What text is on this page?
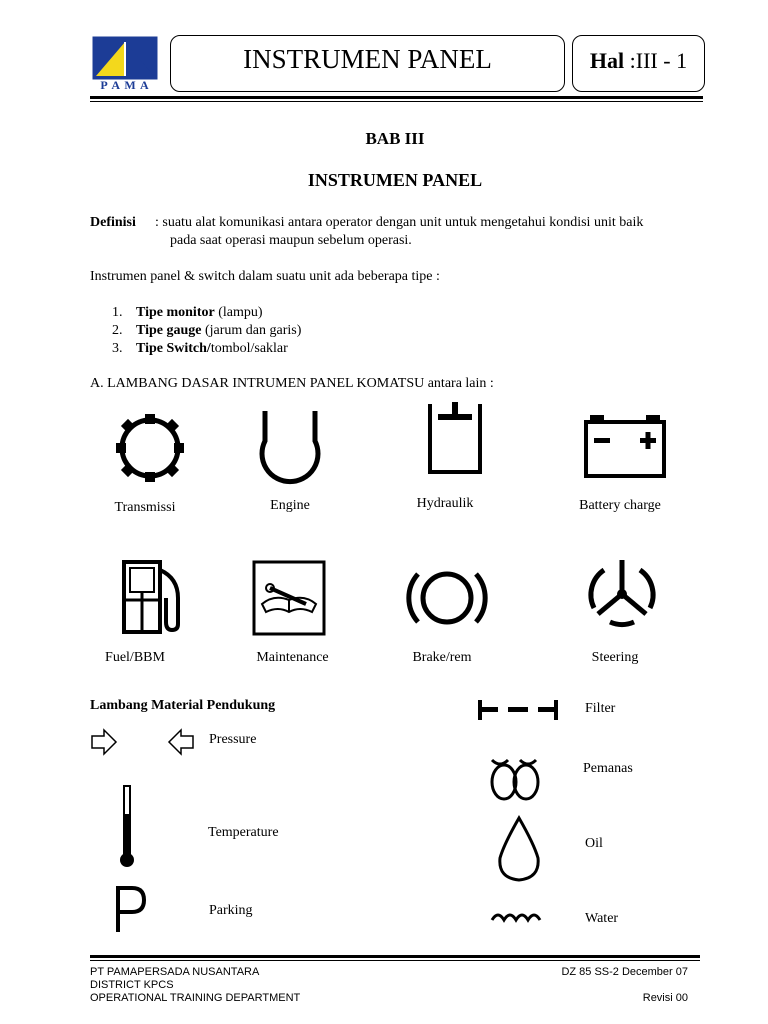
P A M A
INSTRUMEN PANEL	Hal :III - 1
BAB III
INSTRUMEN PANEL
Definisi : suatu alat komunikasi antara operator dengan unit untuk mengetahui kondisi unit baik
pada saat operasi maupun sebelum operasi.
Instrumen panel & switch dalam suatu unit ada beberapa tipe :
1. Tipe monitor (lampu)
2. Tipe gauge (jarum dan garis)
3. Tipe Switch/tombol/saklar
A. LAMBANG DASAR INTRUMEN PANEL KOMATSU antara lain :
Transmissi	Engine	Hydraulik	Battery charge
Fuel/BBM	Maintenance	Brake/rem	Steering
Lambang Material Pendukung
Pressure
Temperature
Parking
Filter
Pemanas
Oil
Water
PT PAMAPERSADA NUSANTARA
DISTRICT KPCS
OPERATIONAL TRAINING DEPARTMENT
DZ 85 SS-2 December 07
Revisi 00
